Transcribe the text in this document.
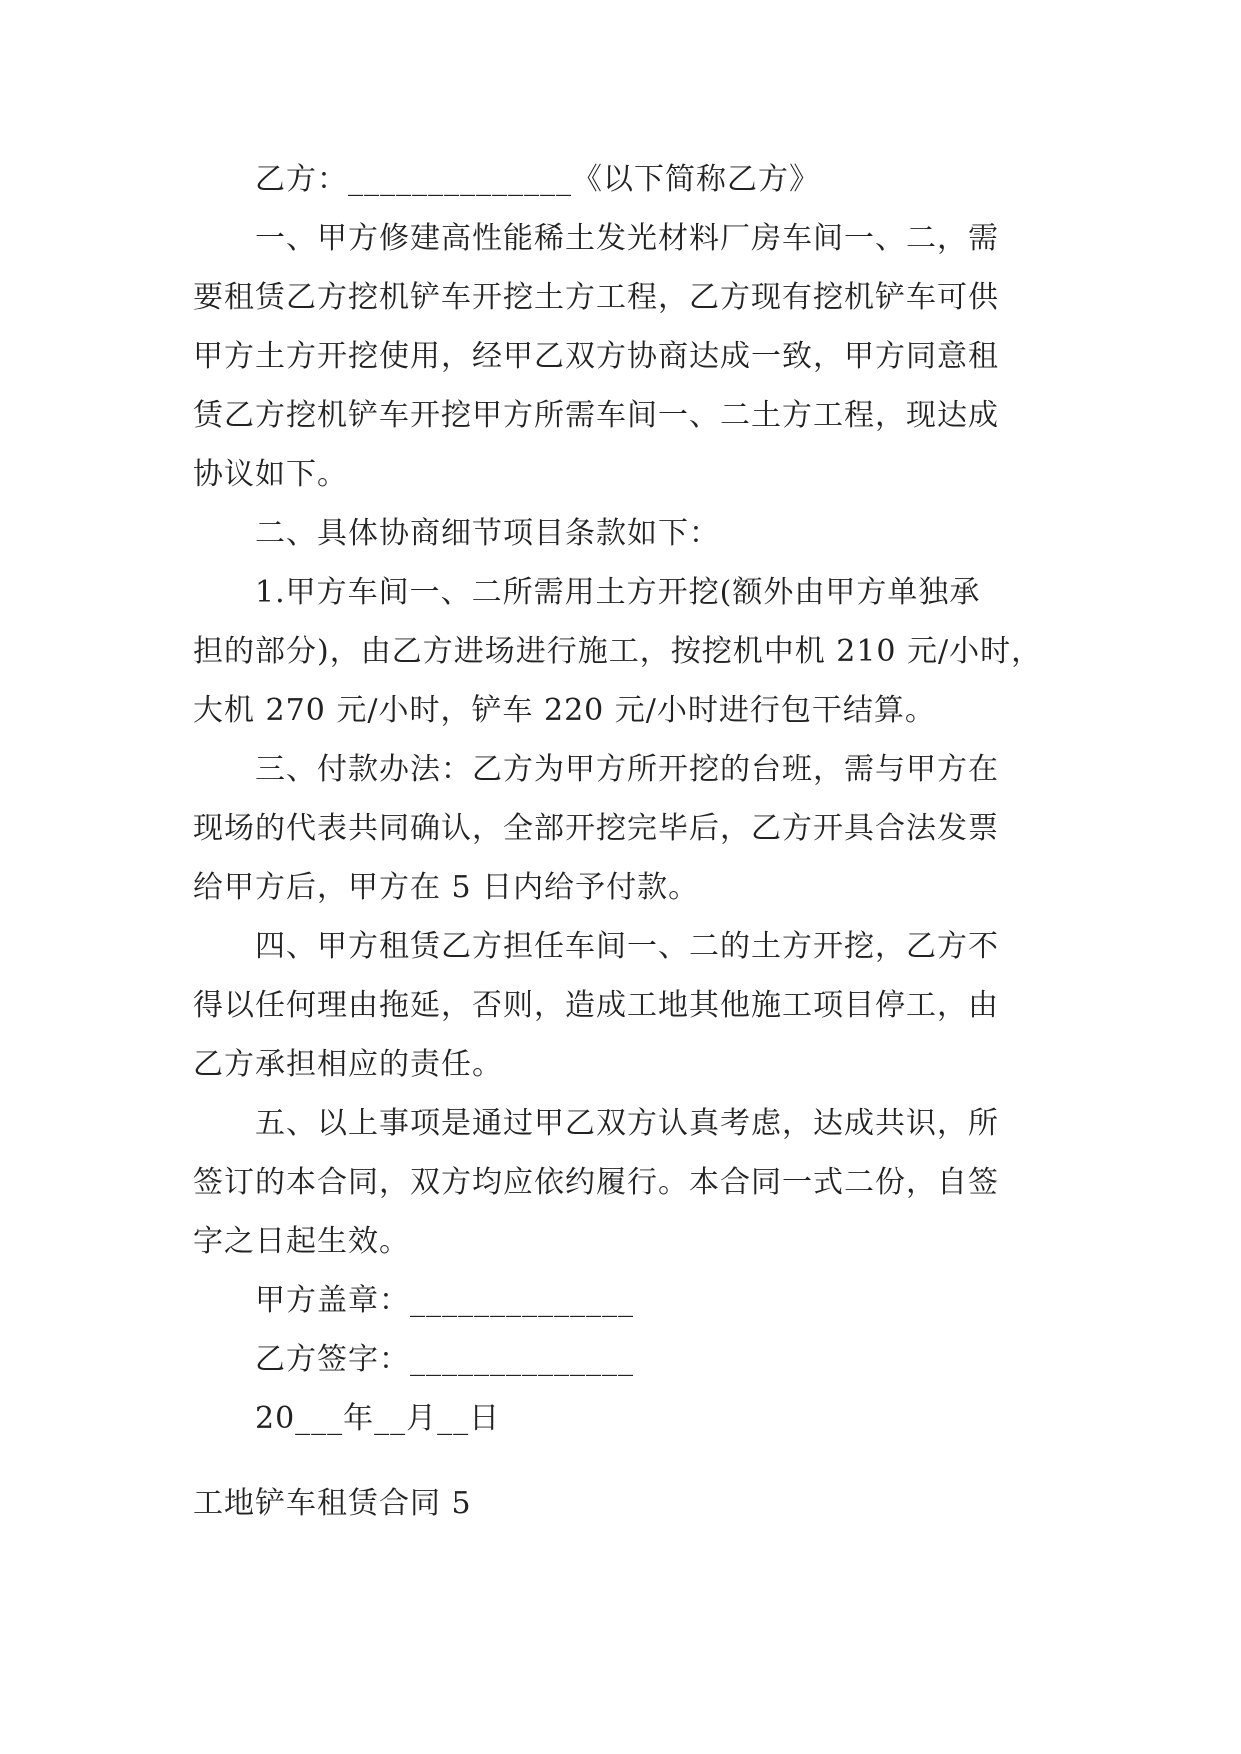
乙方：______________《以下简称乙方》
一、甲方修建高性能稀土发光材料厂房车间一、二，需
要租赁乙方挖机铲车开挖土方工程，乙方现有挖机铲车可供
甲方土方开挖使用，经甲乙双方协商达成一致，甲方同意租
赁乙方挖机铲车开挖甲方所需车间一、二土方工程，现达成
协议如下。
二、具体协商细节项目条款如下：
1.甲方车间一、二所需用土方开挖(额外由甲方单独承
担的部分)，由乙方进场进行施工，按挖机中机 210 元/小时，
大机 270 元/小时，铲车 220 元/小时进行包干结算。
三、付款办法：乙方为甲方所开挖的台班，需与甲方在
现场的代表共同确认，全部开挖完毕后，乙方开具合法发票
给甲方后，甲方在 5 日内给予付款。
四、甲方租赁乙方担任车间一、二的土方开挖，乙方不
得以任何理由拖延，否则，造成工地其他施工项目停工，由
乙方承担相应的责任。
五、以上事项是通过甲乙双方认真考虑，达成共识，所
签订的本合同，双方均应依约履行。本合同一式二份，自签
字之日起生效。
甲方盖章：______________
乙方签字：______________
20___年__月__日
工地铲车租赁合同 5
